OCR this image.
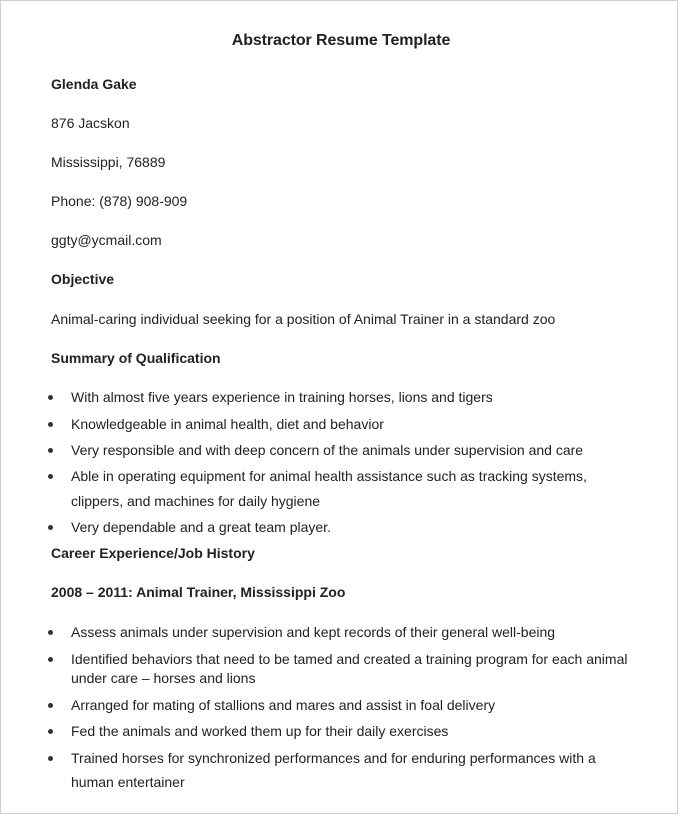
Abstractor Resume Template
Glenda Gake
876 Jacskon
Mississippi, 76889
Phone: (878) 908-909
ggty@ycmail.com
Objective
Animal-caring individual seeking for a position of Animal Trainer in a standard zoo
Summary of Qualification
With almost five years experience in training horses, lions and tigers
Knowledgeable in animal health, diet and behavior
Very responsible and with deep concern of the animals under supervision and care
Able in operating equipment for animal health assistance such as tracking systems,
clippers, and machines for daily hygiene
Very dependable and a great team player.
Career Experience/Job History
2008 – 2011: Animal Trainer, Mississippi Zoo
Assess animals under supervision and kept records of their general well-being
Identified behaviors that need to be tamed and created a training program for each animal
under care – horses and lions
Arranged for mating of stallions and mares and assist in foal delivery
Fed the animals and worked them up for their daily exercises
Trained horses for synchronized performances and for enduring performances with a
human entertainer
